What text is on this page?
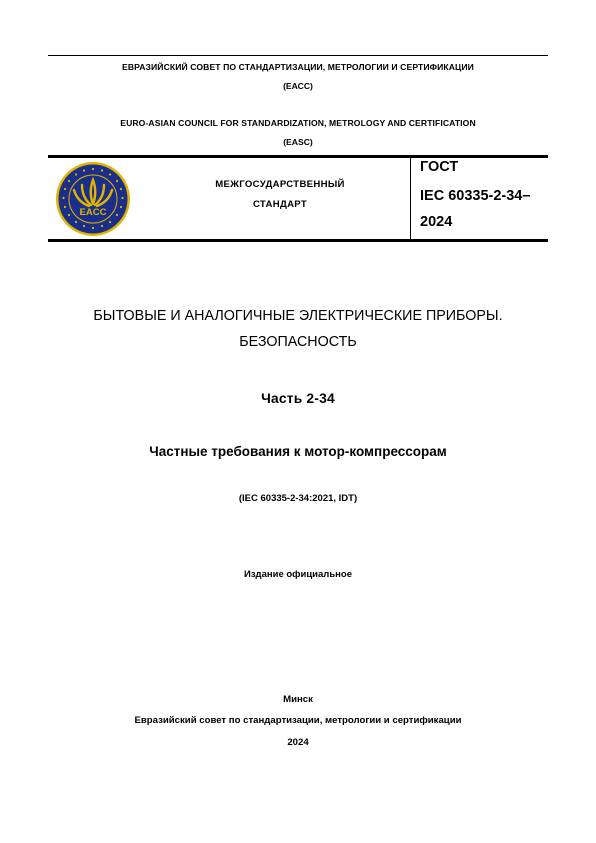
ЕВРАЗИЙСКИЙ СОВЕТ ПО СТАНДАРТИЗАЦИИ, МЕТРОЛОГИИ И СЕРТИФИКАЦИИ
(ЕАСС)
EURO-ASIAN COUNCIL FOR STANDARDIZATION, METROLOGY AND CERTIFICATION
(EASC)
EACC
МЕЖГОСУДАРСТВЕННЫЙ
СТАНДАРТ
ГОСТ
IEC 60335-2-34–
2024
БЫТОВЫЕ И АНАЛОГИЧНЫЕ ЭЛЕКТРИЧЕСКИЕ ПРИБОРЫ.
БЕЗОПАСНОСТЬ
Часть 2-34
Частные требования к мотор-компрессорам
(IEC 60335-2-34:2021, IDT)
Издание официальное
Минск
Евразийский совет по стандартизации, метрологии и сертификации
2024
